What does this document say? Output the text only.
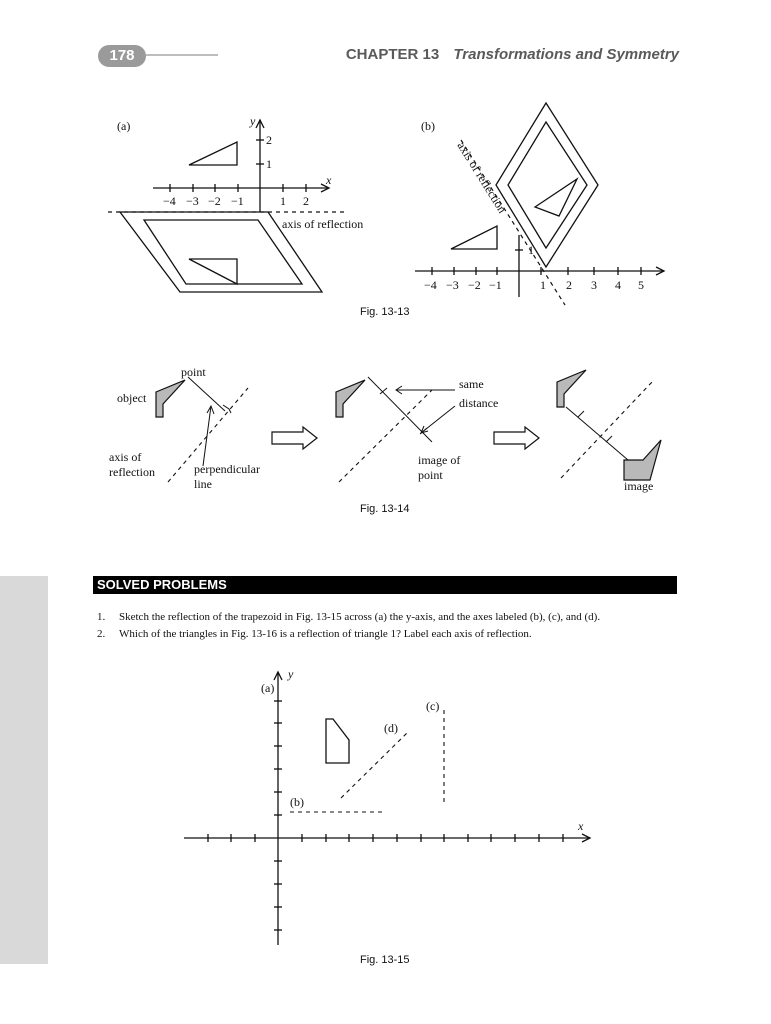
178	CHAPTER 13 Transformations and Symmetry
(a)	y
x
−4 −3 −2 −1	1 2
2
1
axis of reflection
(b)
axis of reflection
−4 −3 −2 −1	1 2 3 4 5
1
Fig. 13-13
point
object
axis of
reflection	perpendicular
line
same
distance
image of
point
image
Fig. 13-14
SOLVED PROBLEMS
1. Sketch the reflection of the trapezoid in Fig. 13-15 across (a) the y-axis, and the axes labeled (b), (c), and (d).
2. Which of the triangles in Fig. 13-16 is a reflection of triangle 1? Label each axis of reflection.
(a)
y
x
(b)
(c)
(d)
Fig. 13-15
